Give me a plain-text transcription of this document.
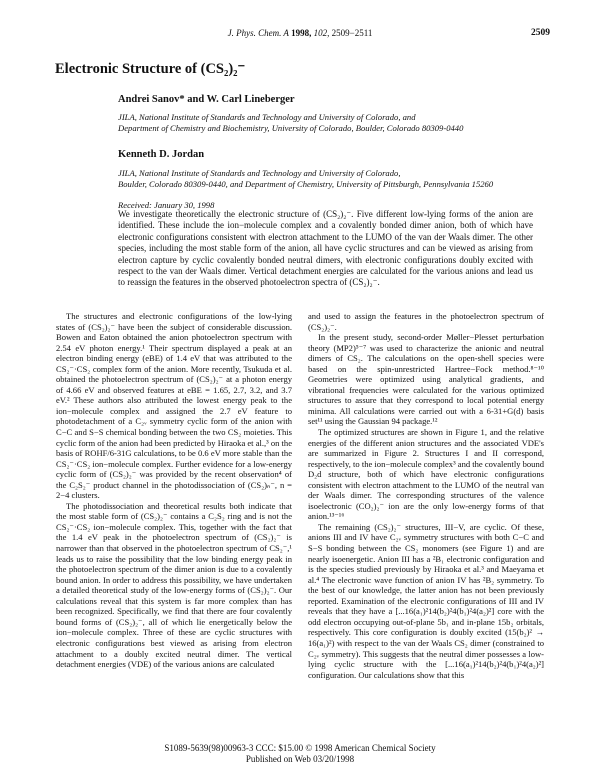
J. Phys. Chem. A 1998, 102, 2509−2511	2509
Electronic Structure of (CS₂)₂⁻
Andrei Sanov* and W. Carl Lineberger
JILA, National Institute of Standards and Technology and University of Colorado, and
Department of Chemistry and Biochemistry, University of Colorado, Boulder, Colorado 80309-0440
Kenneth D. Jordan
JILA, National Institute of Standards and Technology and University of Colorado,
Boulder, Colorado 80309-0440, and Department of Chemistry, University of Pittsburgh, Pennsylvania 15260
Received: January 30, 1998
We investigate theoretically the electronic structure of (CS₂)₂⁻. Five different low-lying forms of the anion are identified. These include the ion−molecule complex and a covalently bonded dimer anion, both of which have electronic configurations consistent with electron attachment to the LUMO of the van der Waals dimer. The other species, including the most stable form of the anion, all have cyclic structures and can be viewed as arising from electron capture by cyclic covalently bonded neutral dimers, with electronic configurations doubly excited with respect to the van der Waals dimer. Vertical detachment energies are calculated for the various anions and lead us to reassign the features in the observed photoelectron spectra of (CS₂)₂⁻.

The structures and electronic configurations of the low-lying states of (CS₂)₂⁻ have been the subject of considerable discussion. Bowen and Eaton obtained the anion photoelectron spectrum with 2.54 eV photon energy.¹ Their spectrum displayed a peak at an electron binding energy (eBE) of 1.4 eV that was attributed to the CS₂⁻·CS₂ complex form of the anion. More recently, Tsukuda et al. obtained the photoelectron spectrum of (CS₂)₂⁻ at a photon energy of 4.66 eV and observed features at eBE = 1.65, 2.7, 3.2, and 3.7 eV.² These authors also attributed the lowest energy peak to the ion−molecule complex and assigned the 2.7 eV feature to photodetachment of a C₂ᵥ symmetry cyclic form of the anion with C−C and S−S chemical bonding between the two CS₂ moieties. This cyclic form of the anion had been predicted by Hiraoka et al.,³ on the basis of ROHF/6-31G calculations, to be 0.6 eV more stable than the CS₂⁻·CS₂ ion−molecule complex. Further evidence for a low-energy cyclic form of (CS₂)₂⁻ was provided by the recent observation⁴ of the C₂S₂⁻ product channel in the photodissociation of (CS₂)ₙ⁻, n = 2−4 clusters.

The photodissociation and theoretical results both indicate that the most stable form of (CS₂)₂⁻ contains a C₂S₂ ring and is not the CS₂⁻·CS₂ ion−molecule complex. This, together with the fact that the 1.4 eV peak in the photoelectron spectrum of (CS₂)₂⁻ is narrower than that observed in the photoelectron spectrum of CS₂⁻,¹ leads us to raise the possibility that the low binding energy peak in the photoelectron spectrum of the dimer anion is due to a covalently bound anion. In order to address this possibility, we have undertaken a detailed theoretical study of the low-energy forms of (CS₂)₂⁻. Our calculations reveal that this system is far more complex than has been recognized. Specifically, we find that there are four covalently bound forms of (CS₂)₂⁻, all of which lie energetically below the ion−molecule complex. Three of these are cyclic structures with electronic configurations best viewed as arising from electron attachment to a doubly excited neutral dimer. The vertical detachment energies (VDE) of the various anions are calculated

and used to assign the features in the photoelectron spectrum of (CS₂)₂⁻.

In the present study, second-order Møller−Plesset perturbation theory (MP2)⁵⁻⁷ was used to characterize the anionic and neutral dimers of CS₂. The calculations on the open-shell species were based on the spin-unrestricted Hartree−Fock method.⁸⁻¹⁰ Geometries were optimized using analytical gradients, and vibrational frequencies were calculated for the various optimized structures to assure that they correspond to local potential energy minima. All calculations were carried out with a 6-31+G(d) basis set¹¹ using the Gaussian 94 package.¹²

The optimized structures are shown in Figure 1, and the relative energies of the different anion structures and the associated VDE's are summarized in Figure 2. Structures I and II correspond, respectively, to the ion−molecule complex³ and the covalently bound D₂d structure, both of which have electronic configurations consistent with electron attachment to the LUMO of the neutral van der Waals dimer. The corresponding structures of the valence isoelectronic (CO₂)₂⁻ ion are the only low-energy forms of that anion.¹³⁻¹⁶

The remaining (CS₂)₂⁻ structures, III−V, are cyclic. Of these, anions III and IV have C₂ᵥ symmetry structures with both C−C and S−S bonding between the CS₂ monomers (see Figure 1) and are nearly isoenergetic. Anion III has a ²B₁ electronic configuration and is the species studied previously by Hiraoka et al.³ and Maeyama et al.⁴ The electronic wave function of anion IV has ²B₂ symmetry. To the best of our knowledge, the latter anion has not been previously reported. Examination of the electronic configurations of III and IV reveals that they have a [...16(a₁)²14(b₂)²4(b₁)²4(a₂)²] core with the odd electron occupying out-of-plane 5b₁ and in-plane 15b₂ orbitals, respectively. This core configuration is doubly excited (15(b₂)² → 16(a₁)²) with respect to the van der Waals CS₂ dimer (constrained to C₂ᵥ symmetry). This suggests that the neutral dimer possesses a low-lying cyclic structure with the [...16(a₁)²14(b₂)²4(b₁)²4(a₂)²] configuration. Our calculations show that this

S1089-5639(98)00963-3 CCC: $15.00 © 1998 American Chemical Society
Published on Web 03/20/1998
